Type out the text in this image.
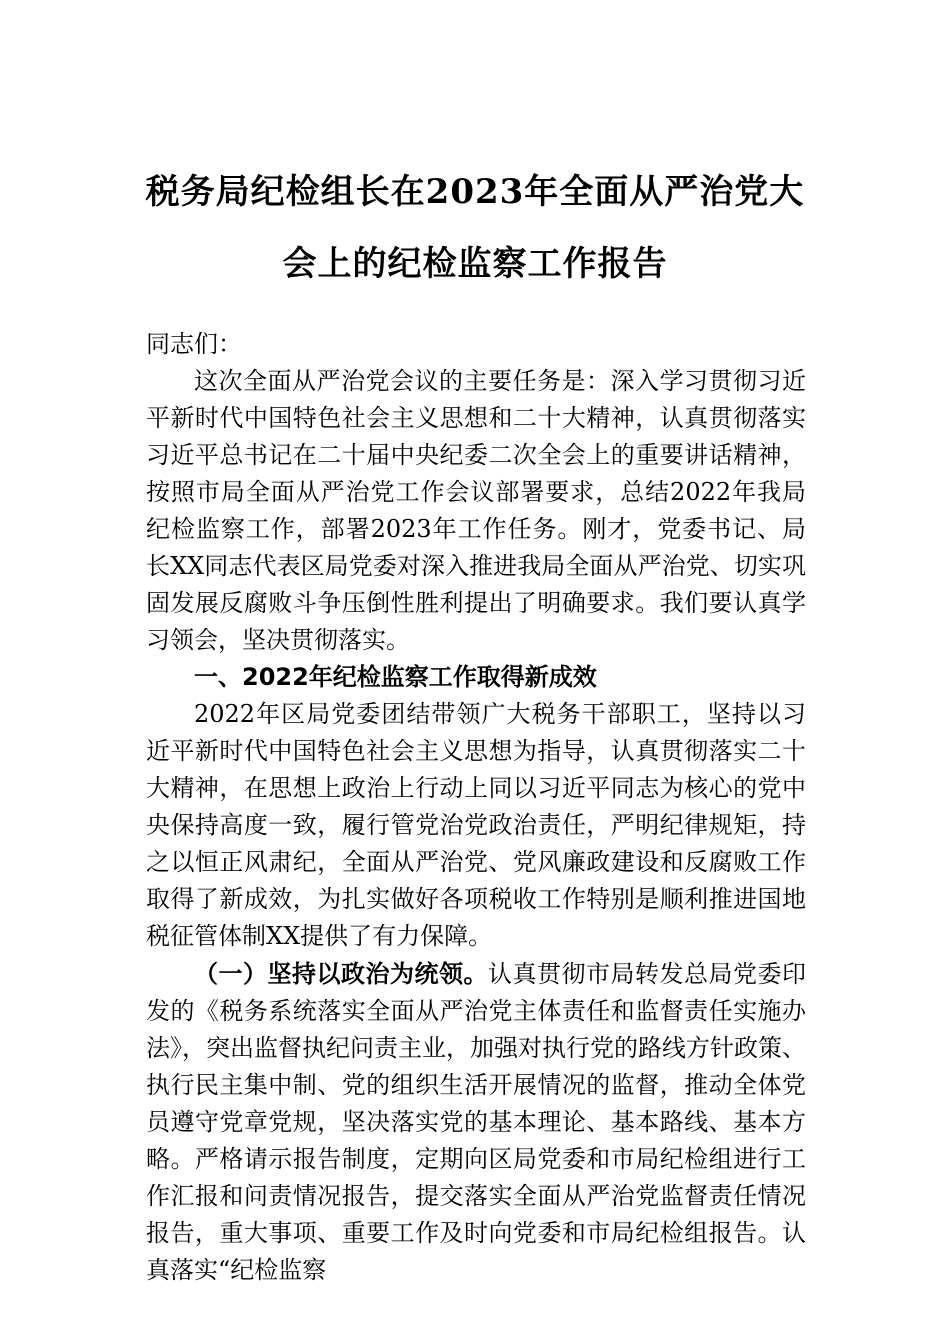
税务局纪检组长在2023年全面从严治党大
会上的纪检监察工作报告

同志们：

这次全面从严治党会议的主要任务是：深入学习贯彻习近平新时代中国特色社会主义思想和二十大精神，认真贯彻落实习近平总书记在二十届中央纪委二次全会上的重要讲话精神，按照市局全面从严治党工作会议部署要求，总结2022年我局纪检监察工作，部署2023年工作任务。刚才，党委书记、局长XX同志代表区局党委对深入推进我局全面从严治党、切实巩固发展反腐败斗争压倒性胜利提出了明确要求。我们要认真学习领会，坚决贯彻落实。

一、2022年纪检监察工作取得新成效

2022年区局党委团结带领广大税务干部职工，坚持以习近平新时代中国特色社会主义思想为指导，认真贯彻落实二十大精神，在思想上政治上行动上同以习近平同志为核心的党中央保持高度一致，履行管党治党政治责任，严明纪律规矩，持之以恒正风肃纪，全面从严治党、党风廉政建设和反腐败工作取得了新成效，为扎实做好各项税收工作特别是顺利推进国地税征管体制XX提供了有力保障。

（一）坚持以政治为统领。认真贯彻市局转发总局党委印发的《税务系统落实全面从严治党主体责任和监督责任实施办法》，突出监督执纪问责主业，加强对执行党的路线方针政策、执行民主集中制、党的组织生活开展情况的监督，推动全体党员遵守党章党规，坚决落实党的基本理论、基本路线、基本方略。严格请示报告制度，定期向区局党委和市局纪检组进行工作汇报和问责情况报告，提交落实全面从严治党监督责任情况报告，重大事项、重要工作及时向党委和市局纪检组报告。认真落实“纪检监察
